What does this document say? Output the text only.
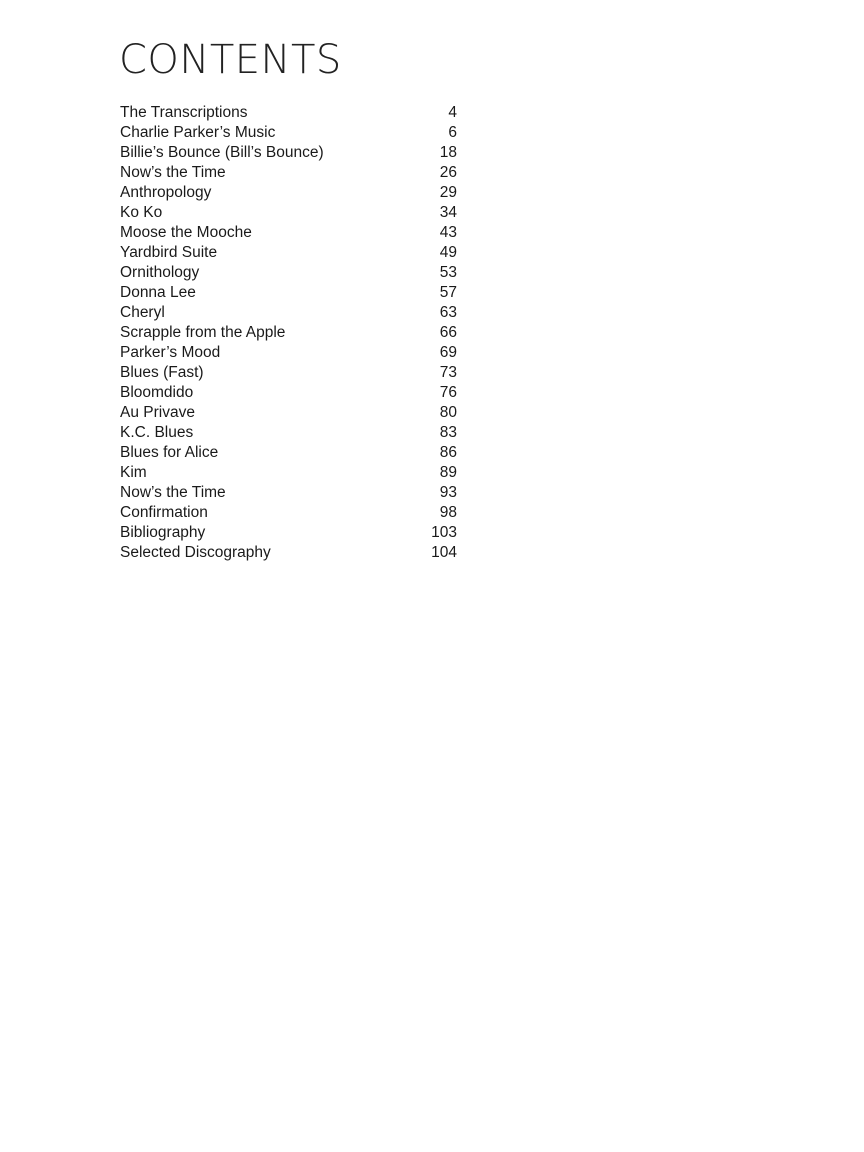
CONTENTS
The Transcriptions	4
Charlie Parker’s Music	6
Billie’s Bounce (Bill’s Bounce)	18
Now’s the Time	26
Anthropology	29
Ko Ko	34
Moose the Mooche	43
Yardbird Suite	49
Ornithology	53
Donna Lee	57
Cheryl	63
Scrapple from the Apple	66
Parker’s Mood	69
Blues (Fast)	73
Bloomdido	76
Au Privave	80
K.C. Blues	83
Blues for Alice	86
Kim	89
Now’s the Time	93
Confirmation	98
Bibliography	103
Selected Discography	104
